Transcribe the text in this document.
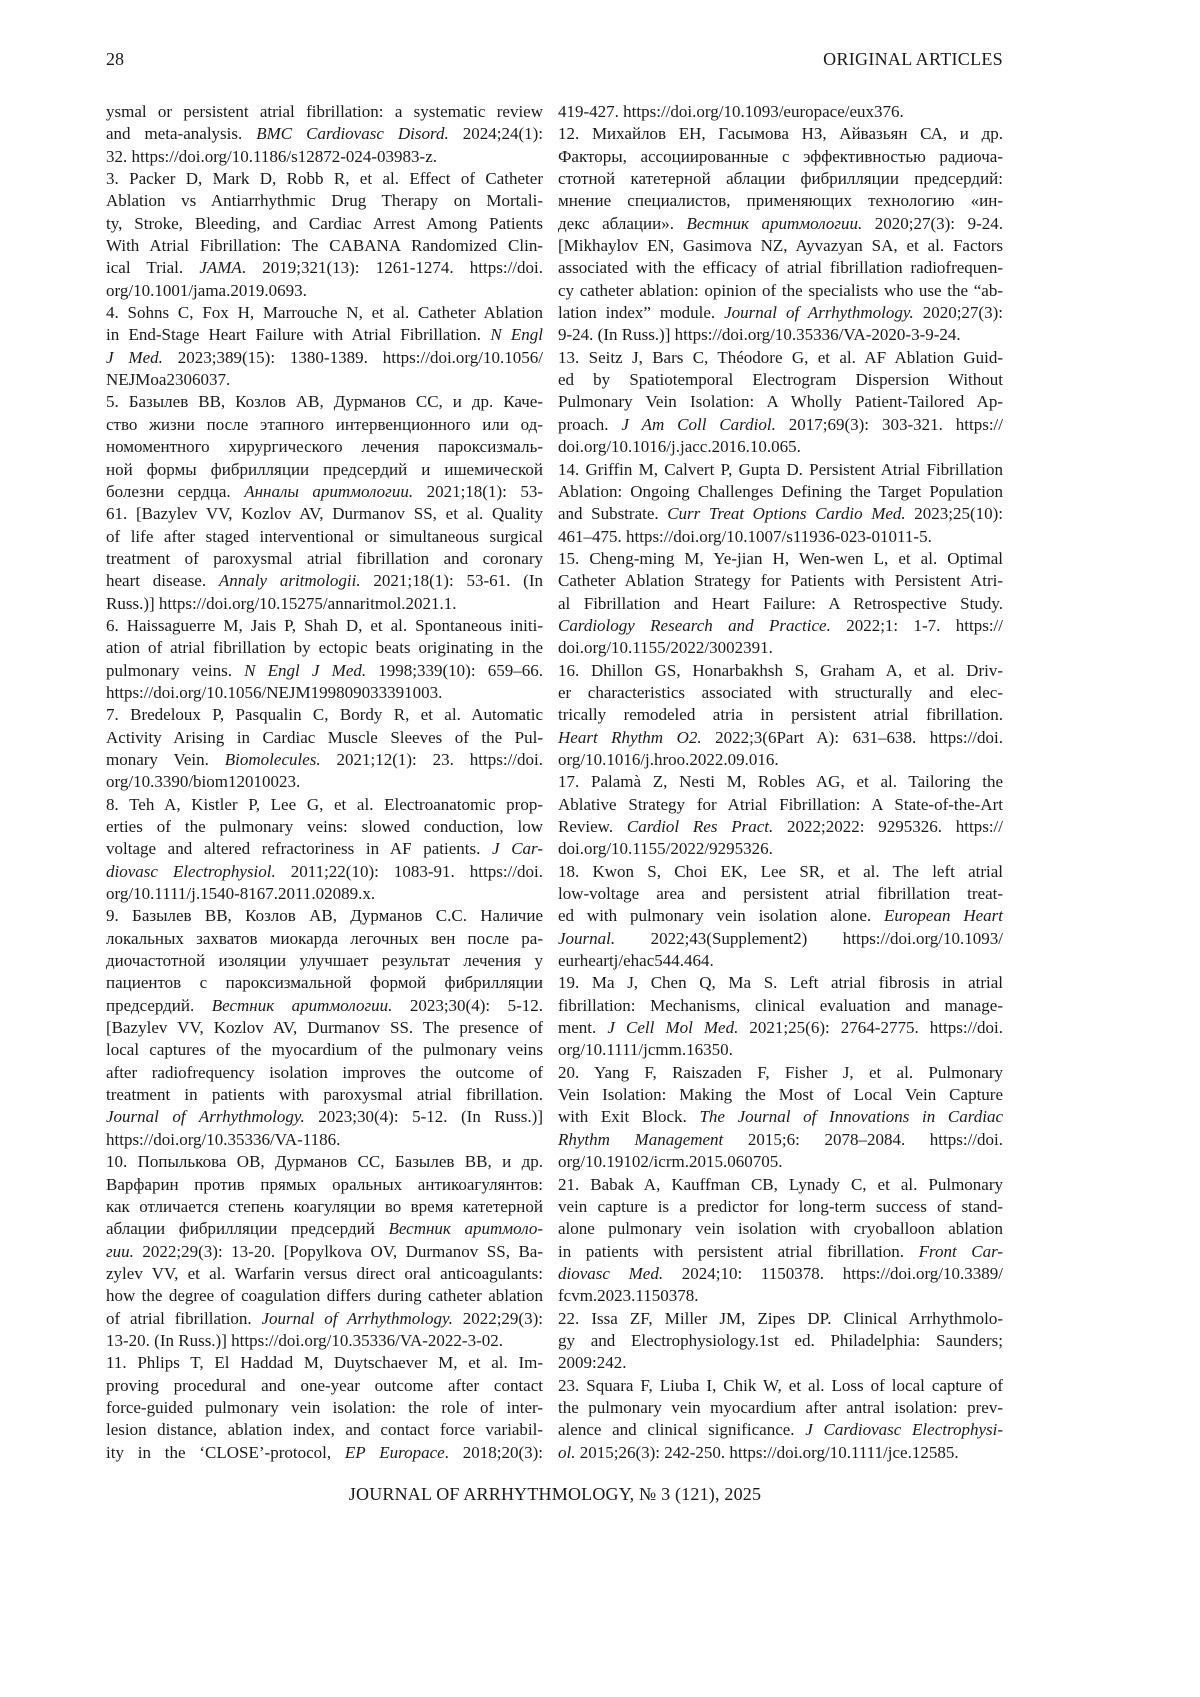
28	ORIGINAL ARTICLES
ysmal or persistent atrial fibrillation: a systematic review
and meta-analysis. BMC Cardiovasc Disord. 2024;24(1):
32. https://doi.org/10.1186/s12872-024-03983-z.
3. Packer D, Mark D, Robb R, et al. Effect of Catheter
Ablation vs Antiarrhythmic Drug Therapy on Mortali-
ty, Stroke, Bleeding, and Cardiac Arrest Among Patients
With Atrial Fibrillation: The CABANA Randomized Clin-
ical Trial. JAMA. 2019;321(13): 1261-1274. https://doi.
org/10.1001/jama.2019.0693.
4. Sohns C, Fox H, Marrouche N, et al. Catheter Ablation
in End-Stage Heart Failure with Atrial Fibrillation. N Engl
J Med. 2023;389(15): 1380-1389. https://doi.org/10.1056/
NEJMoa2306037.
5. Базылев ВВ, Козлов АВ, Дурманов СС, и др. Каче-
ство жизни после этапного интервенционного или од-
номоментного хирургического лечения пароксизмаль-
ной формы фибрилляции предсердий и ишемической
болезни сердца. Анналы аритмологии. 2021;18(1): 53-
61. [Bazylev VV, Kozlov AV, Durmanov SS, et al. Quality
of life after staged interventional or simultaneous surgical
treatment of paroxysmal atrial fibrillation and coronary
heart disease. Annaly aritmologii. 2021;18(1): 53-61. (In
Russ.)] https://doi.org/10.15275/annaritmol.2021.1.
6. Haissaguerre M, Jais P, Shah D, et al. Spontaneous initi-
ation of atrial fibrillation by ectopic beats originating in the
pulmonary veins. N Engl J Med. 1998;339(10): 659–66.
https://doi.org/10.1056/NEJM199809033391003.
7. Bredeloux P, Pasqualin C, Bordy R, et al. Automatic
Activity Arising in Cardiac Muscle Sleeves of the Pul-
monary Vein. Biomolecules. 2021;12(1): 23. https://doi.
org/10.3390/biom12010023.
8. Teh A, Kistler P, Lee G, et al. Electroanatomic prop-
erties of the pulmonary veins: slowed conduction, low
voltage and altered refractoriness in AF patients. J Car-
diovasc Electrophysiol. 2011;22(10): 1083-91. https://doi.
org/10.1111/j.1540-8167.2011.02089.x.
9. Базылев ВВ, Козлов АВ, Дурманов С.С. Наличие
локальных захватов миокарда легочных вен после ра-
диочастотной изоляции улучшает результат лечения у
пациентов с пароксизмальной формой фибрилляции
предсердий. Вестник аритмологии. 2023;30(4): 5-12.
[Bazylev VV, Kozlov AV, Durmanov SS. The presence of
local captures of the myocardium of the pulmonary veins
after radiofrequency isolation improves the outcome of
treatment in patients with paroxysmal atrial fibrillation.
Journal of Arrhythmology. 2023;30(4): 5-12. (In Russ.)]
https://doi.org/10.35336/VA-1186.
10. Попылькова ОВ, Дурманов СС, Базылев ВВ, и др.
Варфарин против прямых оральных антикоагулянтов:
как отличается степень коагуляции во время катетерной
аблации фибрилляции предсердий Вестник аритмоло-
гии. 2022;29(3): 13-20. [Popylkova OV, Durmanov SS, Ba-
zylev VV, et al. Warfarin versus direct oral anticoagulants:
how the degree of coagulation differs during catheter ablation
of atrial fibrillation. Journal of Arrhythmology. 2022;29(3):
13-20. (In Russ.)] https://doi.org/10.35336/VA-2022-3-02.
11. Phlips T, El Haddad M, Duytschaever M, et al. Im-
proving procedural and one-year outcome after contact
force-guided pulmonary vein isolation: the role of inter-
lesion distance, ablation index, and contact force variabil-
ity in the ‘CLOSE’-protocol, EP Europace. 2018;20(3):
419-427. https://doi.org/10.1093/europace/eux376.
12. Михайлов ЕН, Гасымова НЗ, Айвазьян СА, и др.
Факторы, ассоциированные с эффективностью радиоча-
стотной катетерной аблации фибрилляции предсердий:
мнение специалистов, применяющих технологию «ин-
декс аблации». Вестник аритмологии. 2020;27(3): 9-24.
[Mikhaylov EN, Gasimova NZ, Ayvazyan SA, et al. Factors
associated with the efficacy of atrial fibrillation radiofrequen-
cy catheter ablation: opinion of the specialists who use the “ab-
lation index” module. Journal of Arrhythmology. 2020;27(3):
9-24. (In Russ.)] https://doi.org/10.35336/VA-2020-3-9-24.
13. Seitz J, Bars C, Théodore G, et al. AF Ablation Guid-
ed by Spatiotemporal Electrogram Dispersion Without
Pulmonary Vein Isolation: A Wholly Patient-Tailored Ap-
proach. J Am Coll Cardiol. 2017;69(3): 303-321. https://
doi.org/10.1016/j.jacc.2016.10.065.
14. Griffin M, Calvert P, Gupta D. Persistent Atrial Fibrillation
Ablation: Ongoing Challenges Defining the Target Population
and Substrate. Curr Treat Options Cardio Med. 2023;25(10):
461–475. https://doi.org/10.1007/s11936-023-01011-5.
15. Cheng-ming M, Ye-jian H, Wen-wen L, et al. Optimal
Catheter Ablation Strategy for Patients with Persistent Atri-
al Fibrillation and Heart Failure: A Retrospective Study.
Cardiology Research and Practice. 2022;1: 1-7. https://
doi.org/10.1155/2022/3002391.
16. Dhillon GS, Honarbakhsh S, Graham A, et al. Driv-
er characteristics associated with structurally and elec-
trically remodeled atria in persistent atrial fibrillation.
Heart Rhythm O2. 2022;3(6Part A): 631–638. https://doi.
org/10.1016/j.hroo.2022.09.016.
17. Palamà Z, Nesti M, Robles AG, et al. Tailoring the
Ablative Strategy for Atrial Fibrillation: A State-of-the-Art
Review. Cardiol Res Pract. 2022;2022: 9295326. https://
doi.org/10.1155/2022/9295326.
18. Kwon S, Choi EK, Lee SR, et al. The left atrial
low-voltage area and persistent atrial fibrillation treat-
ed with pulmonary vein isolation alone. European Heart
Journal. 2022;43(Supplement2) https://doi.org/10.1093/
eurheartj/ehac544.464.
19. Ma J, Chen Q, Ma S. Left atrial fibrosis in atrial
fibrillation: Mechanisms, clinical evaluation and manage-
ment. J Cell Mol Med. 2021;25(6): 2764-2775. https://doi.
org/10.1111/jcmm.16350.
20. Yang F, Raiszaden F, Fisher J, et al. Pulmonary
Vein Isolation: Making the Most of Local Vein Capture
with Exit Block. The Journal of Innovations in Cardiac
Rhythm Management 2015;6: 2078–2084. https://doi.
org/10.19102/icrm.2015.060705.
21. Babak A, Kauffman CB, Lynady C, et al. Pulmonary
vein capture is a predictor for long-term success of stand-
alone pulmonary vein isolation with cryoballoon ablation
in patients with persistent atrial fibrillation. Front Car-
diovasc Med. 2024;10: 1150378. https://doi.org/10.3389/
fcvm.2023.1150378.
22. Issa ZF, Miller JM, Zipes DP. Clinical Arrhythmolo-
gy and Electrophysiology.1st ed. Philadelphia: Saunders;
2009:242.
23. Squara F, Liuba I, Chik W, et al. Loss of local capture of
the pulmonary vein myocardium after antral isolation: prev-
alence and clinical significance. J Cardiovasc Electrophysi-
ol. 2015;26(3): 242-250. https://doi.org/10.1111/jce.12585.
JOURNAL OF ARRHYTHMOLOGY, № 3 (121), 2025
